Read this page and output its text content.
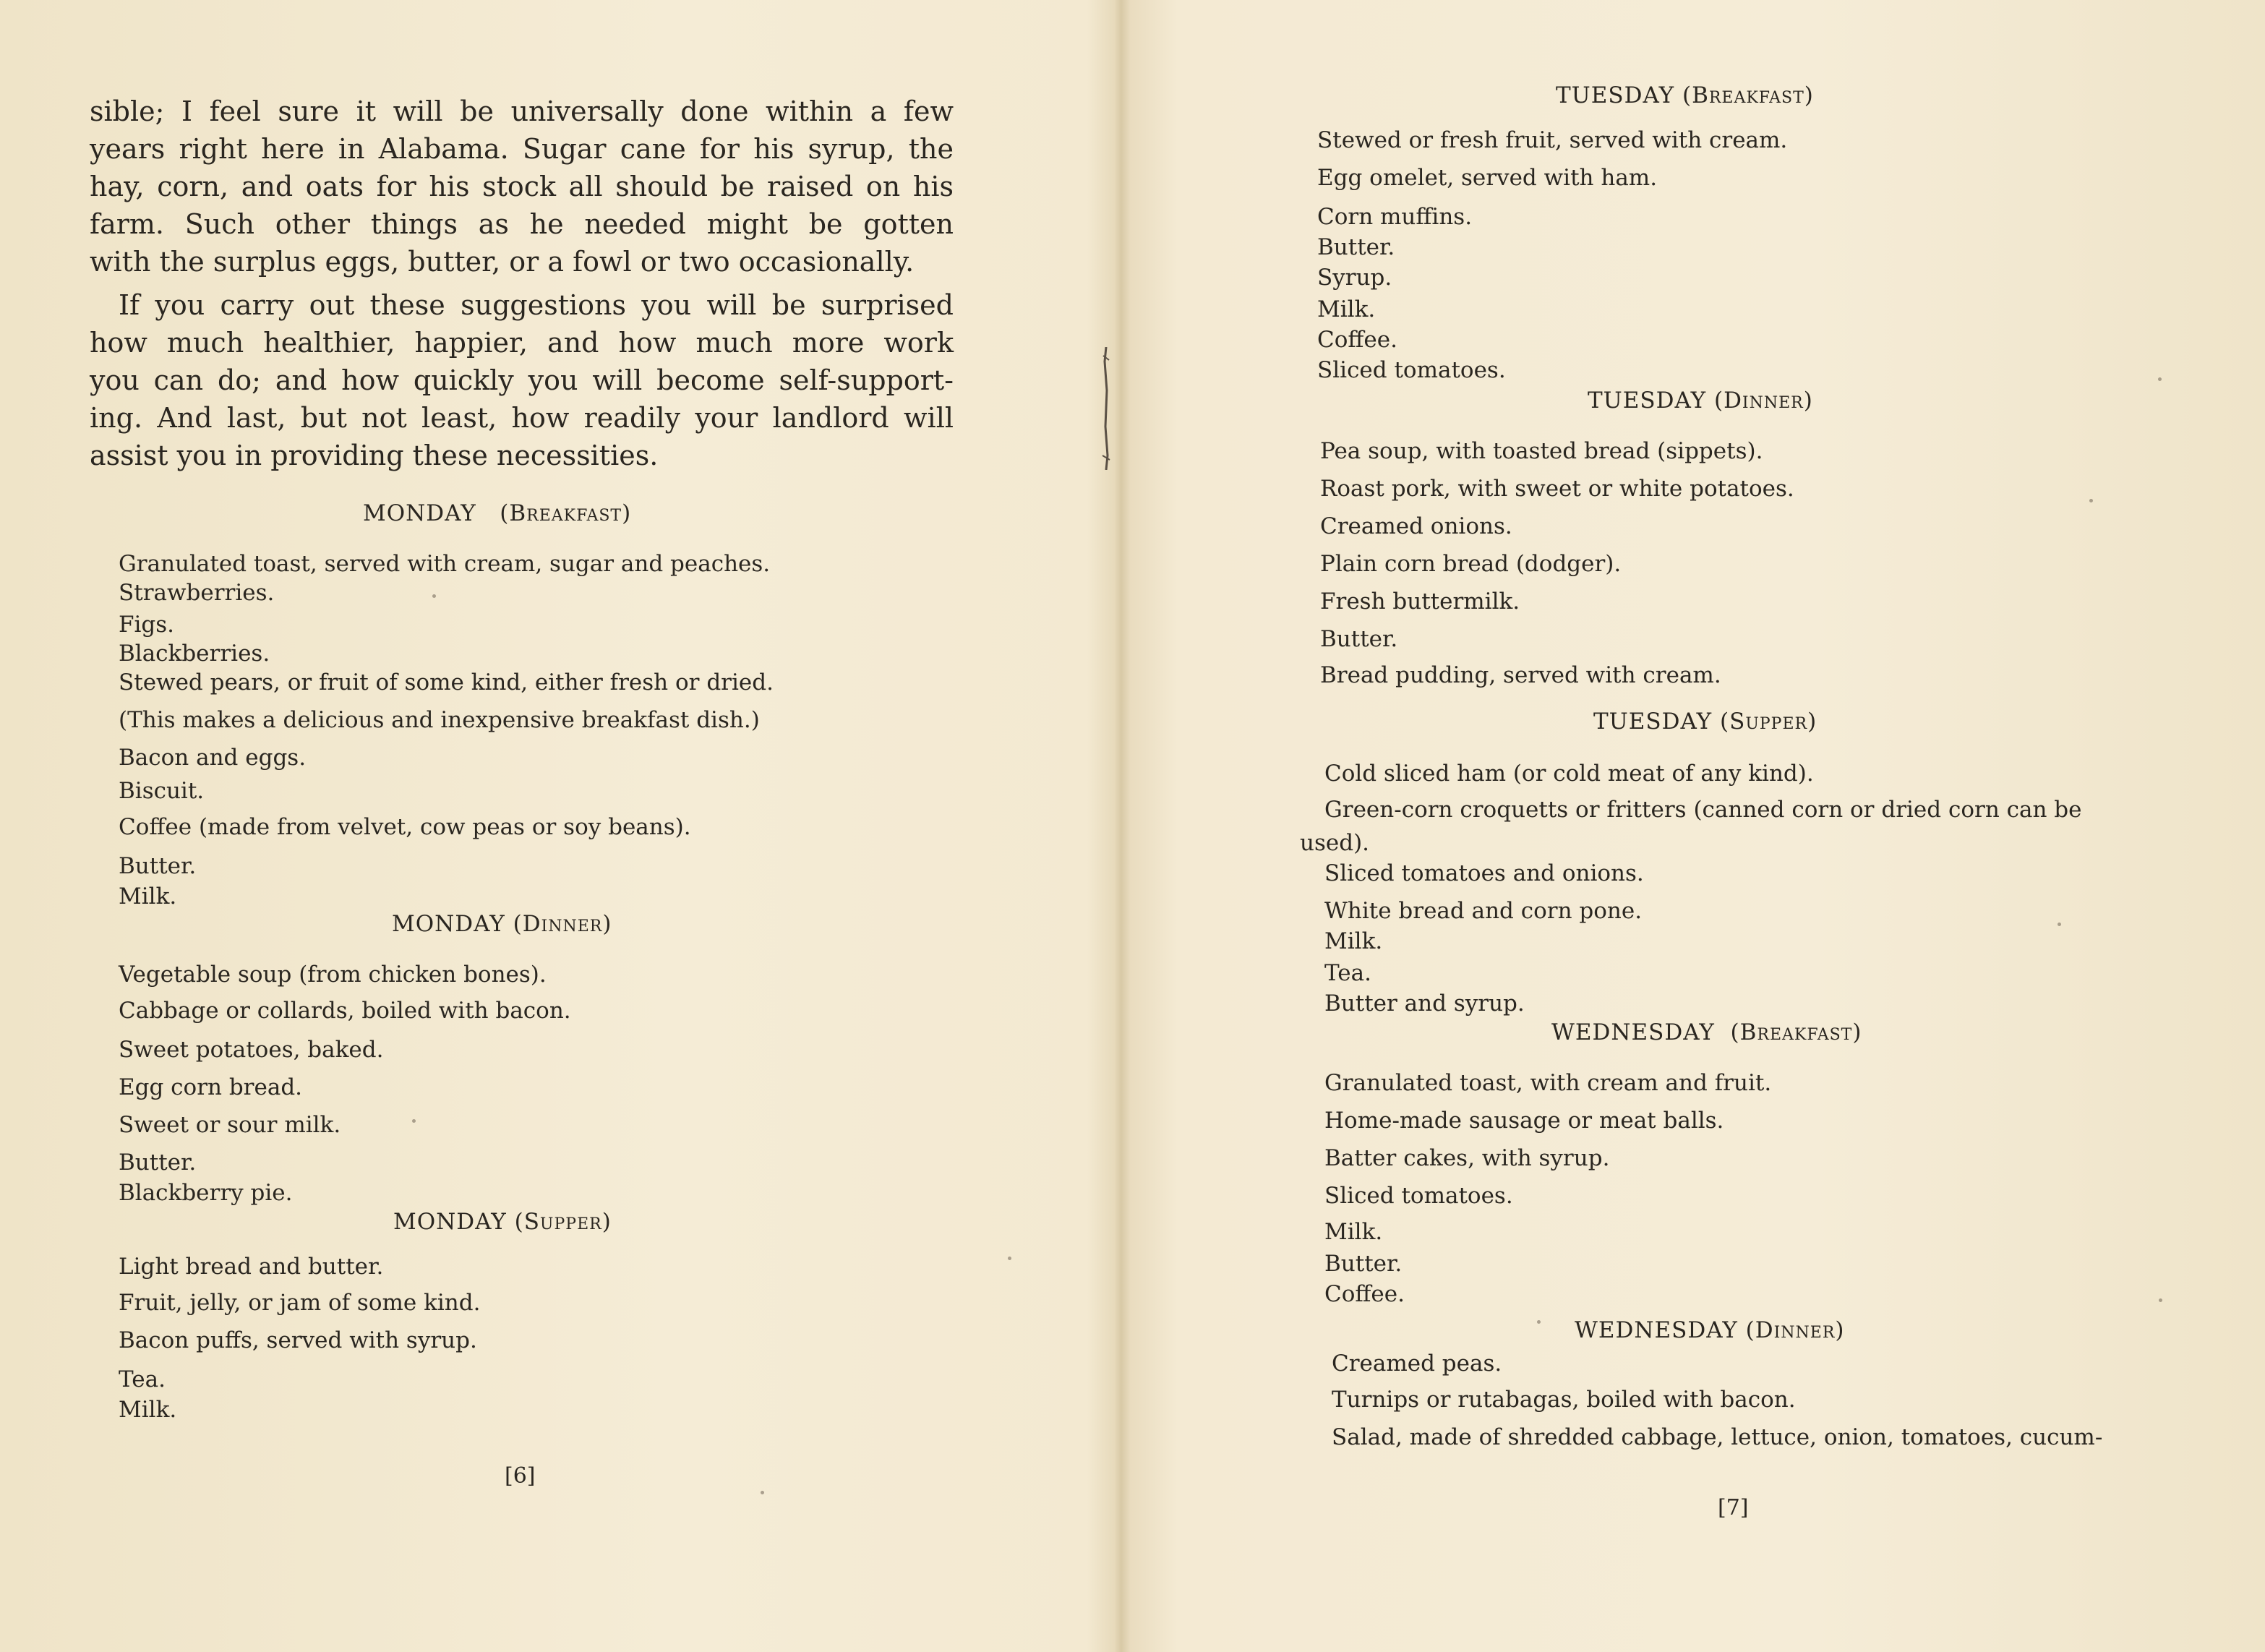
sible; I feel sure it will be universally done within a few
years right here in Alabama. Sugar cane for his syrup, the
hay, corn, and oats for his stock all should be raised on his
farm. Such other things as he needed might be gotten
with the surplus eggs, butter, or a fowl or two occasionally.

If you carry out these suggestions you will be surprised
how much healthier, happier, and how much more work
you can do; and how quickly you will become self-support-
ing. And last, but not least, how readily your landlord will
assist you in providing these necessities.

MONDAY (Breakfast)
Granulated toast, served with cream, sugar and peaches.
Strawberries.
Figs.
Blackberries.
Stewed pears, or fruit of some kind, either fresh or dried.
(This makes a delicious and inexpensive breakfast dish.)
Bacon and eggs.
Biscuit.
Coffee (made from velvet, cow peas or soy beans).
Butter.
Milk.
MONDAY (Dinner)
Vegetable soup (from chicken bones).
Cabbage or collards, boiled with bacon.
Sweet potatoes, baked.
Egg corn bread.
Sweet or sour milk.
Butter.
Blackberry pie.
MONDAY (Supper)
Light bread and butter.
Fruit, jelly, or jam of some kind.
Bacon puffs, served with syrup.
Tea.
Milk.
[6]
TUESDAY (Breakfast)
Stewed or fresh fruit, served with cream.
Egg omelet, served with ham.
Corn muffins.
Butter.
Syrup.
Milk.
Coffee.
Sliced tomatoes.
TUESDAY (Dinner)
Pea soup, with toasted bread (sippets).
Roast pork, with sweet or white potatoes.
Creamed onions.
Plain corn bread (dodger).
Fresh buttermilk.
Butter.
Bread pudding, served with cream.
TUESDAY (Supper)
Cold sliced ham (or cold meat of any kind).
Green-corn croquetts or fritters (canned corn or dried corn can be
used).
Sliced tomatoes and onions.
White bread and corn pone.
Milk.
Tea.
Butter and syrup.
WEDNESDAY (Breakfast)
Granulated toast, with cream and fruit.
Home-made sausage or meat balls.
Batter cakes, with syrup.
Sliced tomatoes.
Milk.
Butter.
Coffee.
WEDNESDAY (Dinner)
Creamed peas.
Turnips or rutabagas, boiled with bacon.
Salad, made of shredded cabbage, lettuce, onion, tomatoes, cucum-
[7]
